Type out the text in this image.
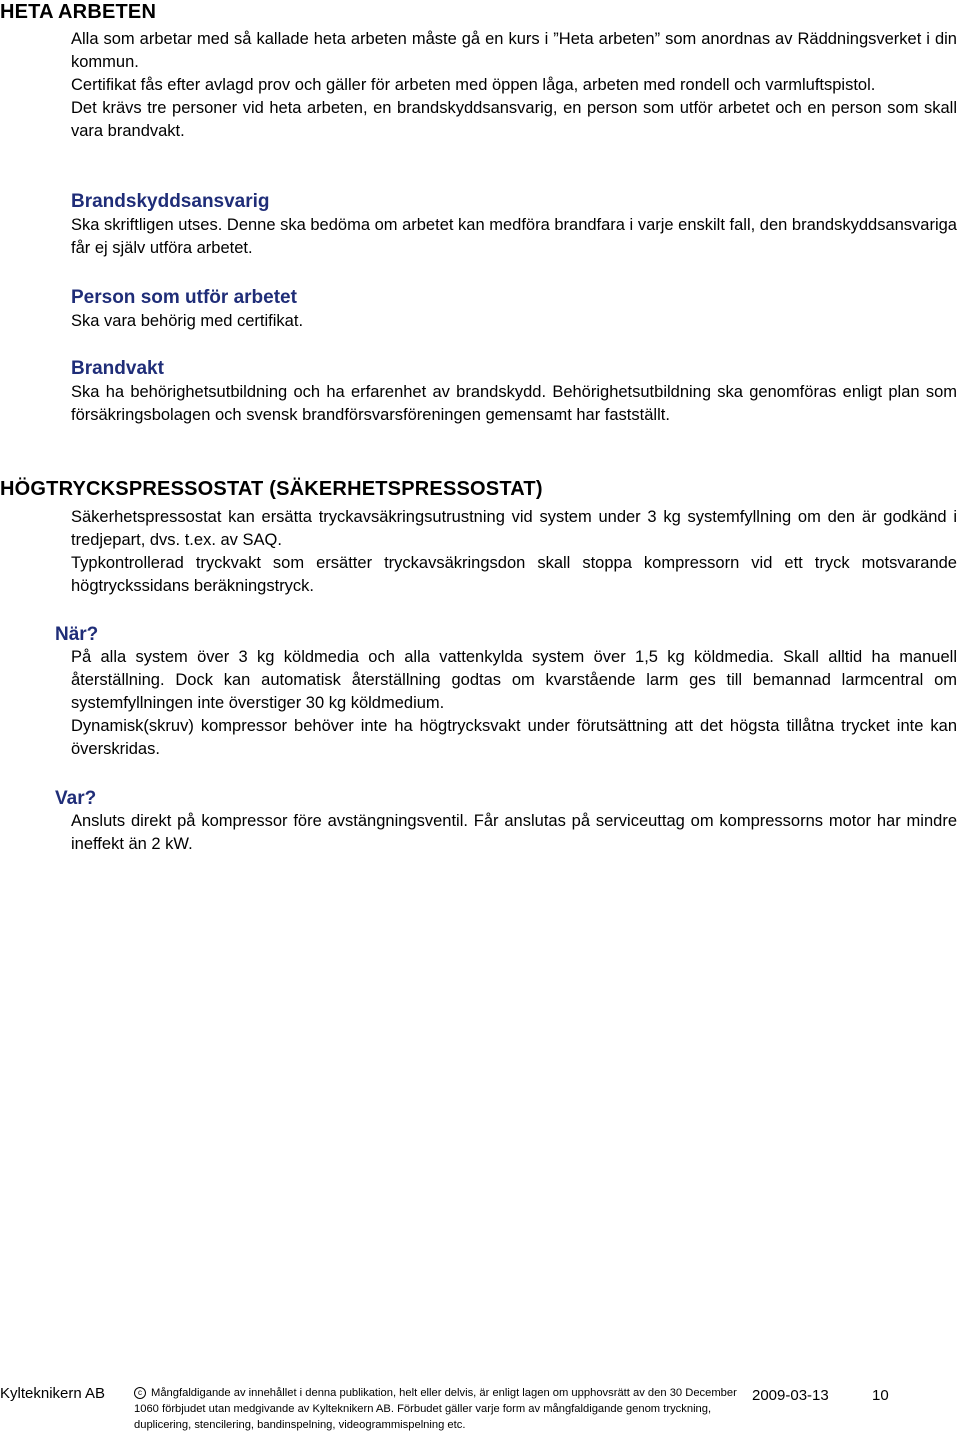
HETA ARBETEN

Alla som arbetar med så kallade heta arbeten måste gå en kurs i ”Heta arbeten” som anordnas av Räddningsverket i din kommun.

Certifikat fås efter avlagd prov och gäller för arbeten med öppen låga, arbeten med rondell och varmluftspistol.

Det krävs tre personer vid heta arbeten, en brandskyddsansvarig, en person som utför arbetet och en person som skall vara brandvakt.

Brandskyddsansvarig

Ska skriftligen utses. Denne ska bedöma om arbetet kan medföra brandfara i varje enskilt fall, den brandskyddsansvariga får ej själv utföra arbetet.

Person som utför arbetet

Ska vara behörig med certifikat.

Brandvakt

Ska ha behörighetsutbildning och ha erfarenhet av brandskydd. Behörighetsutbildning ska genomföras enligt plan som försäkringsbolagen och svensk brandförsvarsföreningen gemensamt har fastställt.

HÖGTRYCKSPRESSOSTAT (SÄKERHETSPRESSOSTAT)

Säkerhetspressostat kan ersätta tryckavsäkringsutrustning vid system under 3 kg systemfyllning om den är godkänd i tredjepart, dvs. t.ex. av SAQ.

Typkontrollerad tryckvakt som ersätter tryckavsäkringsdon skall stoppa kompressorn vid ett tryck motsvarande högtryckssidans beräkningstryck.

När?

På alla system över 3 kg köldmedia och alla vattenkylda system över 1,5 kg köldmedia. Skall alltid ha manuell återställning. Dock kan automatisk återställning godtas om kvarstående larm ges till bemannad larmcentral om systemfyllningen inte överstiger 30 kg köldmedium.

Dynamisk(skruv) kompressor behöver inte ha högtrycksvakt under förutsättning att det högsta tillåtna trycket inte kan överskridas.

Var?

Ansluts direkt på kompressor före avstängningsventil. Får anslutas på serviceuttag om kompressorns motor har mindre ineffekt än 2 kW.

Kylteknikern AB	c Mångfaldigande av innehållet i denna publikation, helt eller delvis, är enligt lagen om upphovsrätt av den 30 December 1060 förbjudet utan medgivande av Kylteknikern AB. Förbudet gäller varje form av mångfaldigande genom tryckning, duplicering, stencilering, bandinspelning, videogrammispelning etc.
2009-03-13	10
